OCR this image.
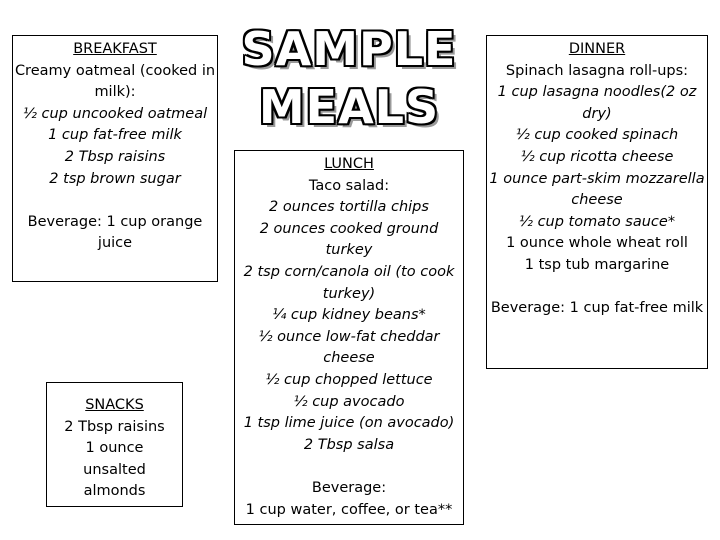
SAMPLE
MEALS
BREAKFAST
Creamy oatmeal (cooked in milk):
½ cup uncooked oatmeal
1 cup fat-free milk
2 Tbsp raisins
2 tsp brown sugar
Beverage: 1 cup orange juice
SNACKS
2 Tbsp raisins
1 ounce
unsalted
almonds
LUNCH
Taco salad:
2 ounces tortilla chips
2 ounces cooked ground turkey
2 tsp corn/canola oil (to cook turkey)
¼ cup kidney beans*
½ ounce low-fat cheddar cheese
½ cup chopped lettuce
½ cup avocado
1 tsp lime juice (on avocado)
2 Tbsp salsa
Beverage:
1 cup water, coffee, or tea**
DINNER
Spinach lasagna roll-ups:
1 cup lasagna noodles(2 oz dry)
½ cup cooked spinach
½ cup ricotta cheese
1 ounce part-skim mozzarella cheese
½ cup tomato sauce*
1 ounce whole wheat roll
1 tsp tub margarine
Beverage: 1 cup fat-free milk
